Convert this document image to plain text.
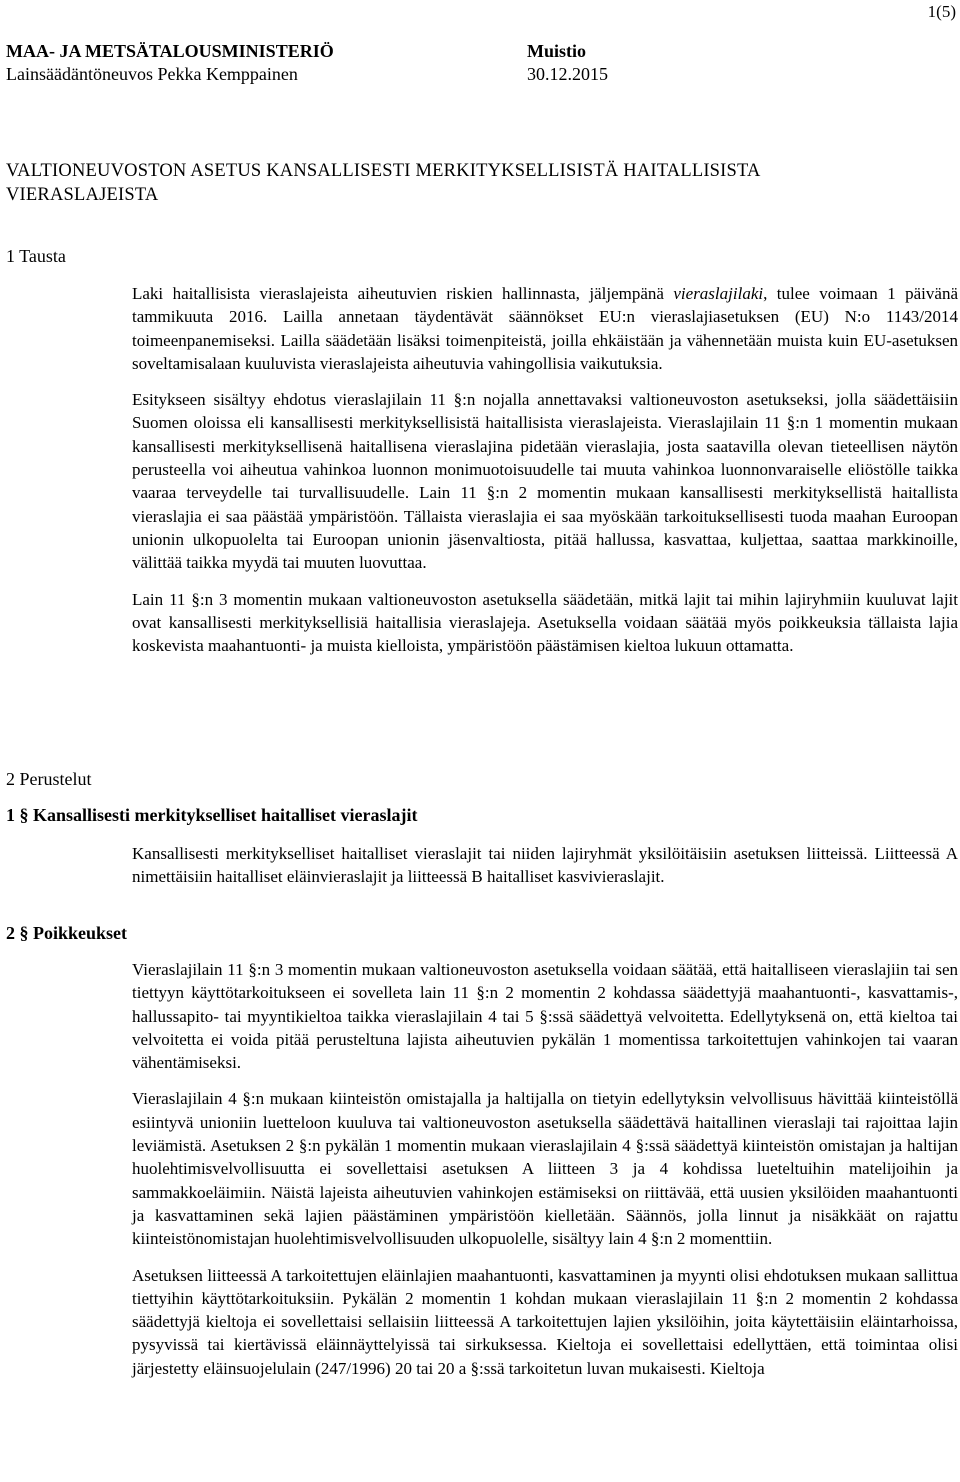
1(5)
MAA- JA METSÄTALOUSMINISTERIÖ	Muistio
Lainsäädäntöneuvos Pekka Kemppainen	30.12.2015
VALTIONEUVOSTON ASETUS KANSALLISESTI MERKITYKSELLISISTÄ HAITALLISISTA
VIERASLAJEISTA
1 Tausta

Laki haitallisista vieraslajeista aiheutuvien riskien hallinnasta, jäljempänä vieraslajilaki, tulee voimaan 1 päivänä tammikuuta 2016. Lailla annetaan täydentävät säännökset EU:n vieraslajiasetuksen (EU) N:o 1143/2014 toimeenpanemiseksi. Lailla säädetään lisäksi toimenpiteistä, joilla ehkäistään ja vähennetään muista kuin EU-asetuksen soveltamisalaan kuuluvista vieraslajeista aiheutuvia vahingollisia vaikutuksia.

Esitykseen sisältyy ehdotus vieraslajilain 11 §:n nojalla annettavaksi valtioneuvoston asetukseksi, jolla säädettäisiin Suomen oloissa eli kansallisesti merkityksellisistä haitallisista vieraslajeista. Vieraslajilain 11 §:n 1 momentin mukaan kansallisesti merkityksellisenä haitallisena vieraslajina pidetään vieraslajia, josta saatavilla olevan tieteellisen näytön perusteella voi aiheutua vahinkoa luonnon monimuotoisuudelle tai muuta vahinkoa luonnonvaraiselle eliöstölle taikka vaaraa terveydelle tai turvallisuudelle. Lain 11 §:n 2 momentin mukaan kansallisesti merkityksellistä haitallista vieraslajia ei saa päästää ympäristöön. Tällaista vieraslajia ei saa myöskään tarkoituksellisesti tuoda maahan Euroopan unionin ulkopuolelta tai Euroopan unionin jäsenvaltiosta, pitää hallussa, kasvattaa, kuljettaa, saattaa markkinoille, välittää taikka myydä tai muuten luovuttaa.

Lain 11 §:n 3 momentin mukaan valtioneuvoston asetuksella säädetään, mitkä lajit tai mihin lajiryhmiin kuuluvat lajit ovat kansallisesti merkityksellisiä haitallisia vieraslajeja. Asetuksella voidaan säätää myös poikkeuksia tällaista lajia koskevista maahantuonti- ja muista kielloista, ympäristöön päästämisen kieltoa lukuun ottamatta.

2 Perustelut
1 § Kansallisesti merkitykselliset haitalliset vieraslajit

Kansallisesti merkitykselliset haitalliset vieraslajit tai niiden lajiryhmät yksilöitäisiin asetuksen liitteissä. Liitteessä A nimettäisiin haitalliset eläinvieraslajit ja liitteessä B haitalliset kasvivieraslajit.

2 § Poikkeukset

Vieraslajilain 11 §:n 3 momentin mukaan valtioneuvoston asetuksella voidaan säätää, että haitalliseen vieraslajiin tai sen tiettyyn käyttötarkoitukseen ei sovelleta lain 11 §:n 2 momentin 2 kohdassa säädettyjä maahantuonti-, kasvattamis-, hallussapito- tai myyntikieltoa taikka vieraslajilain 4 tai 5 §:ssä säädettyä velvoitetta. Edellytyksenä on, että kieltoa tai velvoitetta ei voida pitää perusteltuna lajista aiheutuvien pykälän 1 momentissa tarkoitettujen vahinkojen tai vaaran vähentämiseksi.

Vieraslajilain 4 §:n mukaan kiinteistön omistajalla ja haltijalla on tietyin edellytyksin velvollisuus hävittää kiinteistöllä esiintyvä unioniin luetteloon kuuluva tai valtioneuvoston asetuksella säädettävä haitallinen vieraslaji tai rajoittaa lajin leviämistä. Asetuksen 2 §:n pykälän 1 momentin mukaan vieraslajilain 4 §:ssä säädettyä kiinteistön omistajan ja haltijan huolehtimisvelvollisuutta ei sovellettaisi asetuksen A liitteen 3 ja 4 kohdissa lueteltuihin matelijoihin ja sammakkoeläimiin. Näistä lajeista aiheutuvien vahinkojen estämiseksi on riittävää, että uusien yksilöiden maahantuonti ja kasvattaminen sekä lajien päästäminen ympäristöön kielletään. Säännös, jolla linnut ja nisäkkäät on rajattu kiinteistönomistajan huolehtimisvelvollisuuden ulkopuolelle, sisältyy lain 4 §:n 2 momenttiin.

Asetuksen liitteessä A tarkoitettujen eläinlajien maahantuonti, kasvattaminen ja myynti olisi ehdotuksen mukaan sallittua tiettyihin käyttötarkoituksiin. Pykälän 2 momentin 1 kohdan mukaan vieraslajilain 11 §:n 2 momentin 2 kohdassa säädettyjä kieltoja ei sovellettaisi sellaisiin liitteessä A tarkoitettujen lajien yksilöihin, joita käytettäisiin eläintarhoissa, pysyvissä tai kiertävissä eläinnäyttelyissä tai sirkuksessa. Kieltoja ei sovellettaisi edellyttäen, että toimintaa olisi järjestetty eläinsuojelulain (247/1996) 20 tai 20 a §:ssä tarkoitetun luvan mukaisesti. Kieltoja
